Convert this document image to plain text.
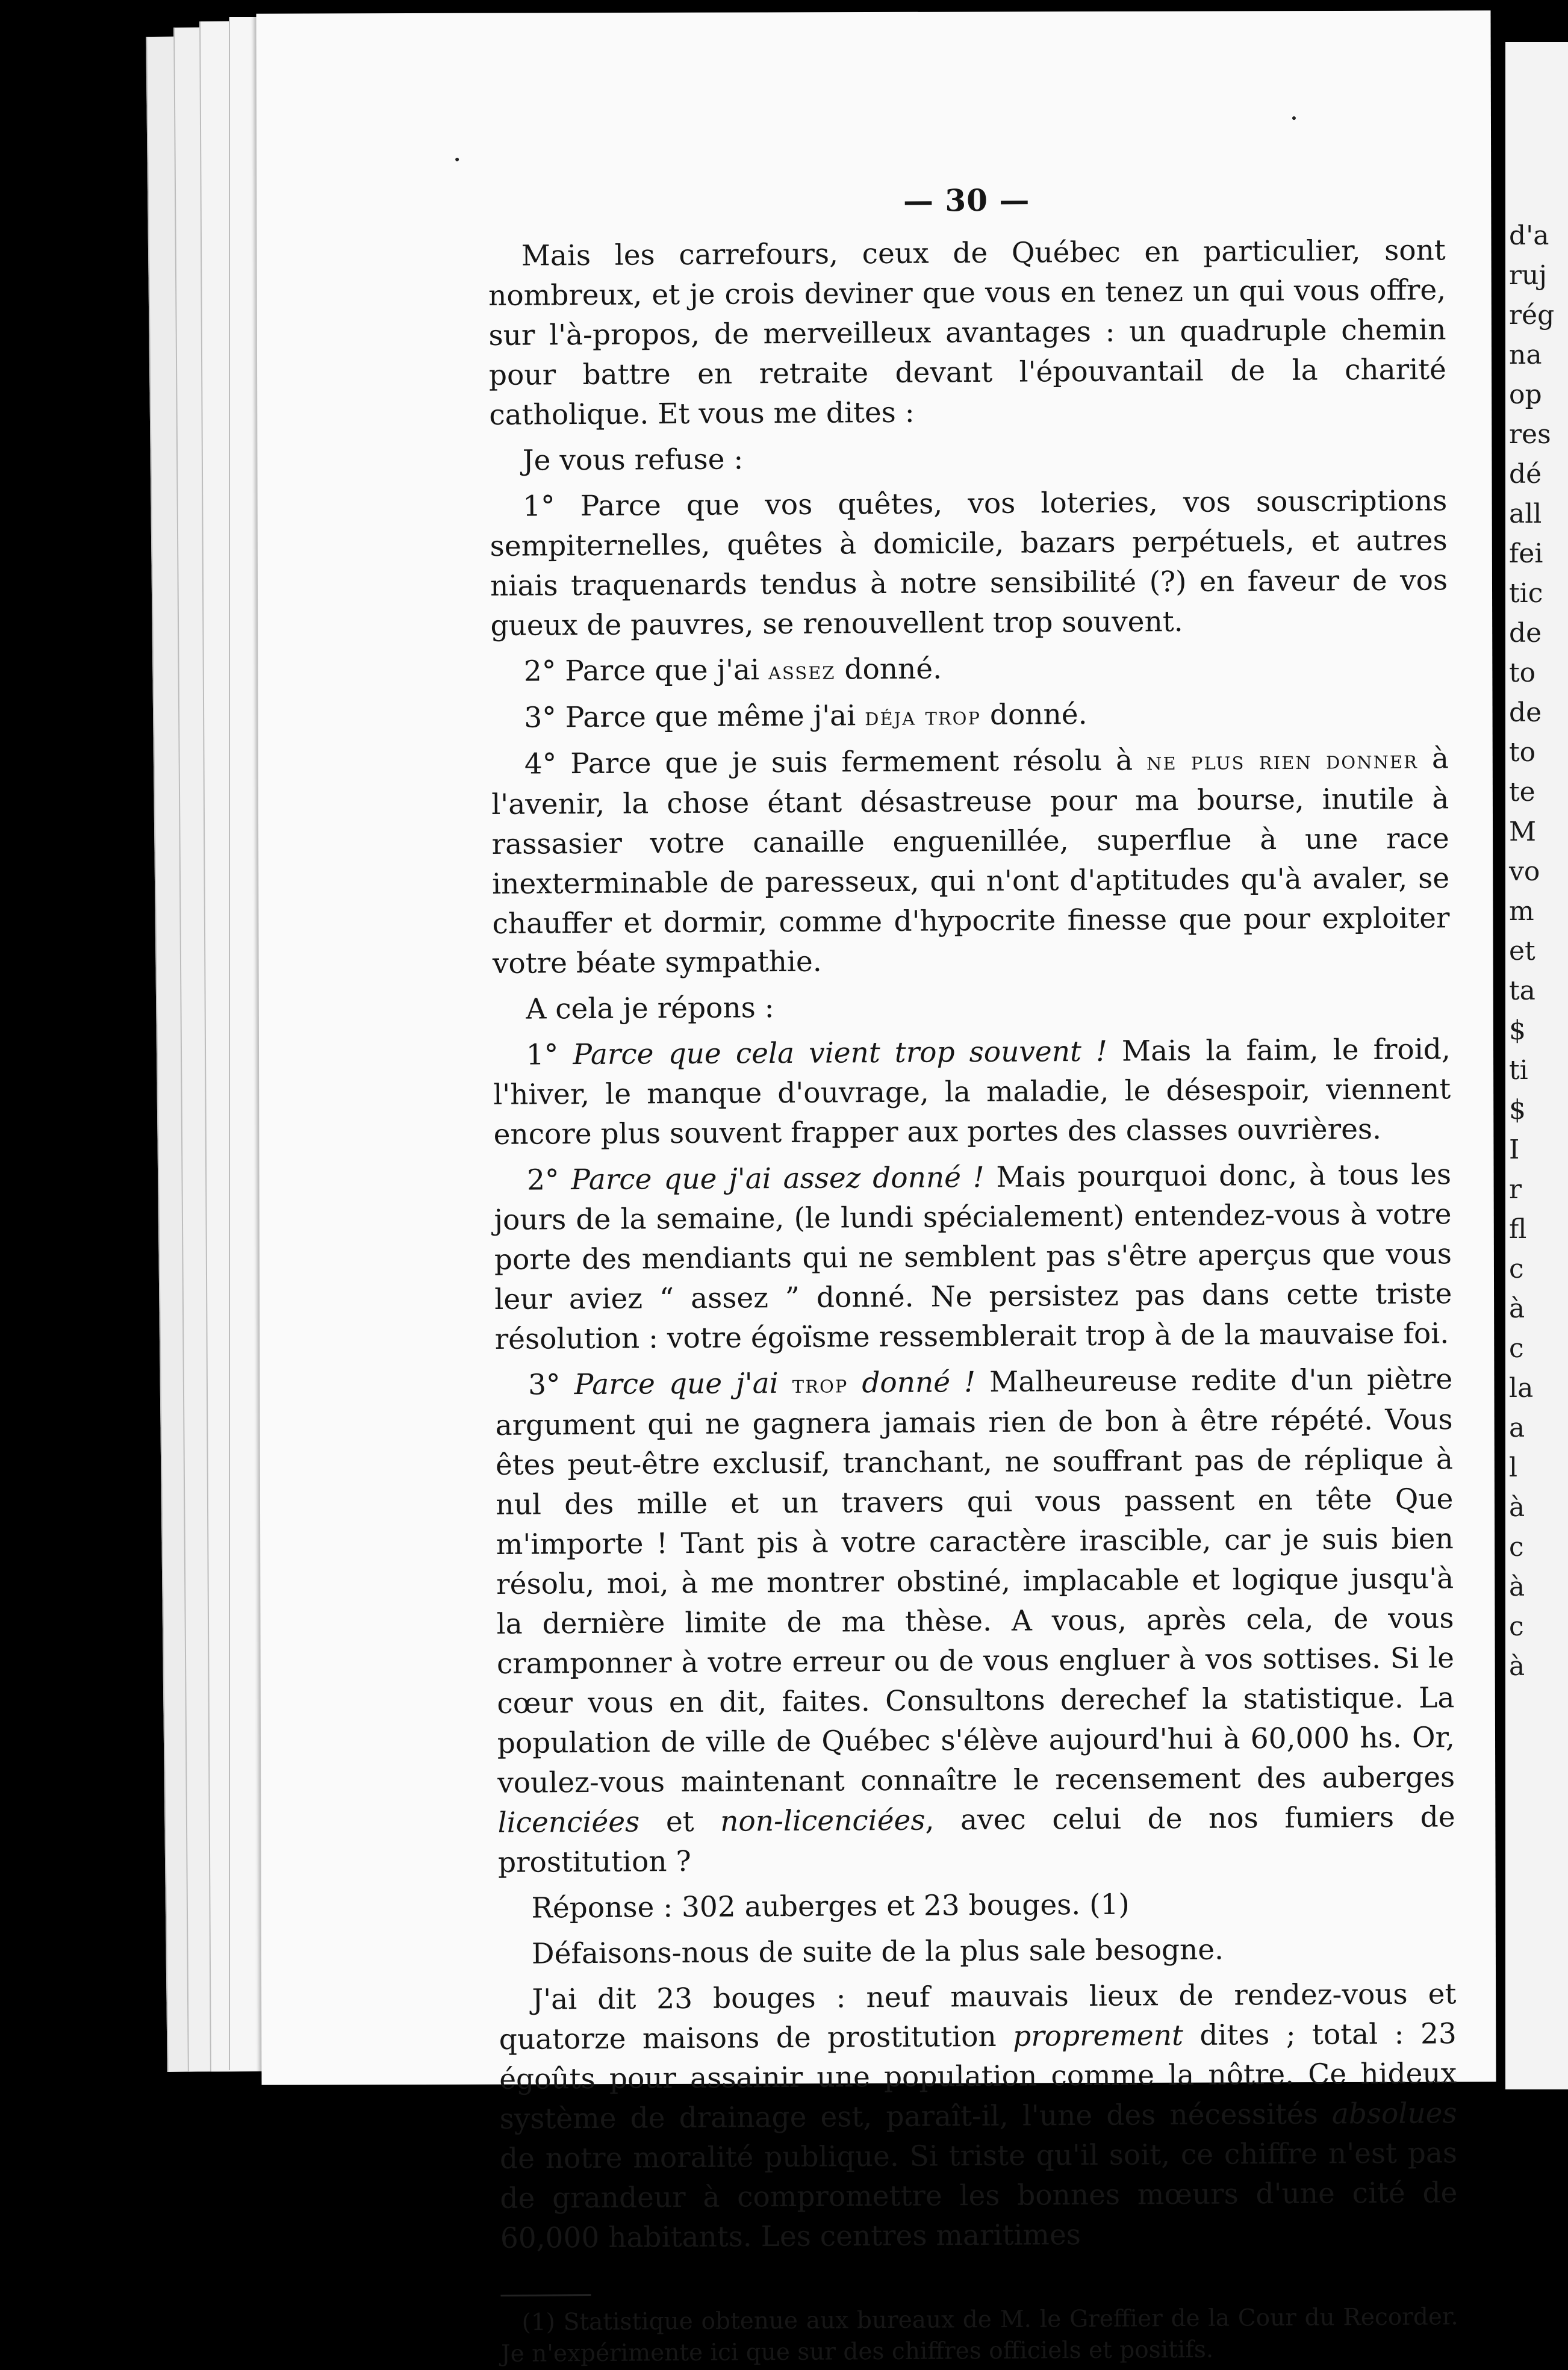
d'a
ruj
rég
na
op
res
dé
all
fei
tic
de
to
de
to
te
M
vo
m
et
ta
$
ti
$
I
r
fl
c
à
c
la
a
l
à
c
à
c
à
— 30 —

Mais les carrefours, ceux de Québec en particulier, sont nombreux, et je crois deviner que vous en tenez un qui vous offre, sur l'à-propos, de merveilleux avantages : un quadruple chemin pour battre en retraite devant l'épouvantail de la charité catholique. Et vous me dites :

Je vous refuse :

1° Parce que vos quêtes, vos loteries, vos souscriptions sempiternelles, quêtes à domicile, bazars perpétuels, et autres niais traquenards tendus à notre sensibilité (?) en faveur de vos gueux de pauvres, se renouvellent trop souvent.

2° Parce que j'ai assez donné.

3° Parce que même j'ai déja trop donné.

4° Parce que je suis fermement résolu à ne plus rien donner à l'avenir, la chose étant désastreuse pour ma bourse, inutile à rassasier votre canaille enguenillée, superflue à une race inexterminable de paresseux, qui n'ont d'aptitudes qu'à avaler, se chauffer et dormir, comme d'hypocrite finesse que pour exploiter votre béate sympathie.

A cela je répons :

1° Parce que cela vient trop souvent ! Mais la faim, le froid, l'hiver, le manque d'ouvrage, la maladie, le désespoir, viennent encore plus souvent frapper aux portes des classes ouvrières.

2° Parce que j'ai assez donné ! Mais pourquoi donc, à tous les jours de la semaine, (le lundi spécialement) entendez-vous à votre porte des mendiants qui ne semblent pas s'être aperçus que vous leur aviez “ assez ” donné. Ne persistez pas dans cette triste résolution : votre égoïsme ressemblerait trop à de la mauvaise foi.

3° Parce que j'ai trop donné ! Malheureuse redite d'un piètre argument qui ne gagnera jamais rien de bon à être répété. Vous êtes peut-être exclusif, tranchant, ne souffrant pas de réplique à nul des mille et un travers qui vous passent en tête Que m'importe ! Tant pis à votre caractère irascible, car je suis bien résolu, moi, à me montrer obstiné, implacable et logique jusqu'à la dernière limite de ma thèse. A vous, après cela, de vous cramponner à votre erreur ou de vous engluer à vos sottises. Si le cœur vous en dit, faites. Consultons derechef la statistique. La population de ville de Québec s'élève aujourd'hui à 60,000 hs. Or, voulez-vous maintenant connaître le recensement des auberges licenciées et non-licenciées, avec celui de nos fumiers de prostitution ?

Réponse : 302 auberges et 23 bouges. (1)

Défaisons-nous de suite de la plus sale besogne.

J'ai dit 23 bouges : neuf mauvais lieux de rendez-vous et quatorze maisons de prostitution proprement dites ; total : 23 égoûts pour assainir une population comme la nôtre. Ce hideux système de drainage est, paraît-il, l'une des nécessités absolues de notre moralité publique. Si triste qu'il soit, ce chiffre n'est pas de grandeur à compromettre les bonnes mœurs d'une cité de 60,000 habitants. Les centres maritimes

(1) Statistique obtenue aux bureaux de M. le Greffier de la Cour du Recorder. Je n'expérimente ici que sur des chiffres officiels et positifs.
